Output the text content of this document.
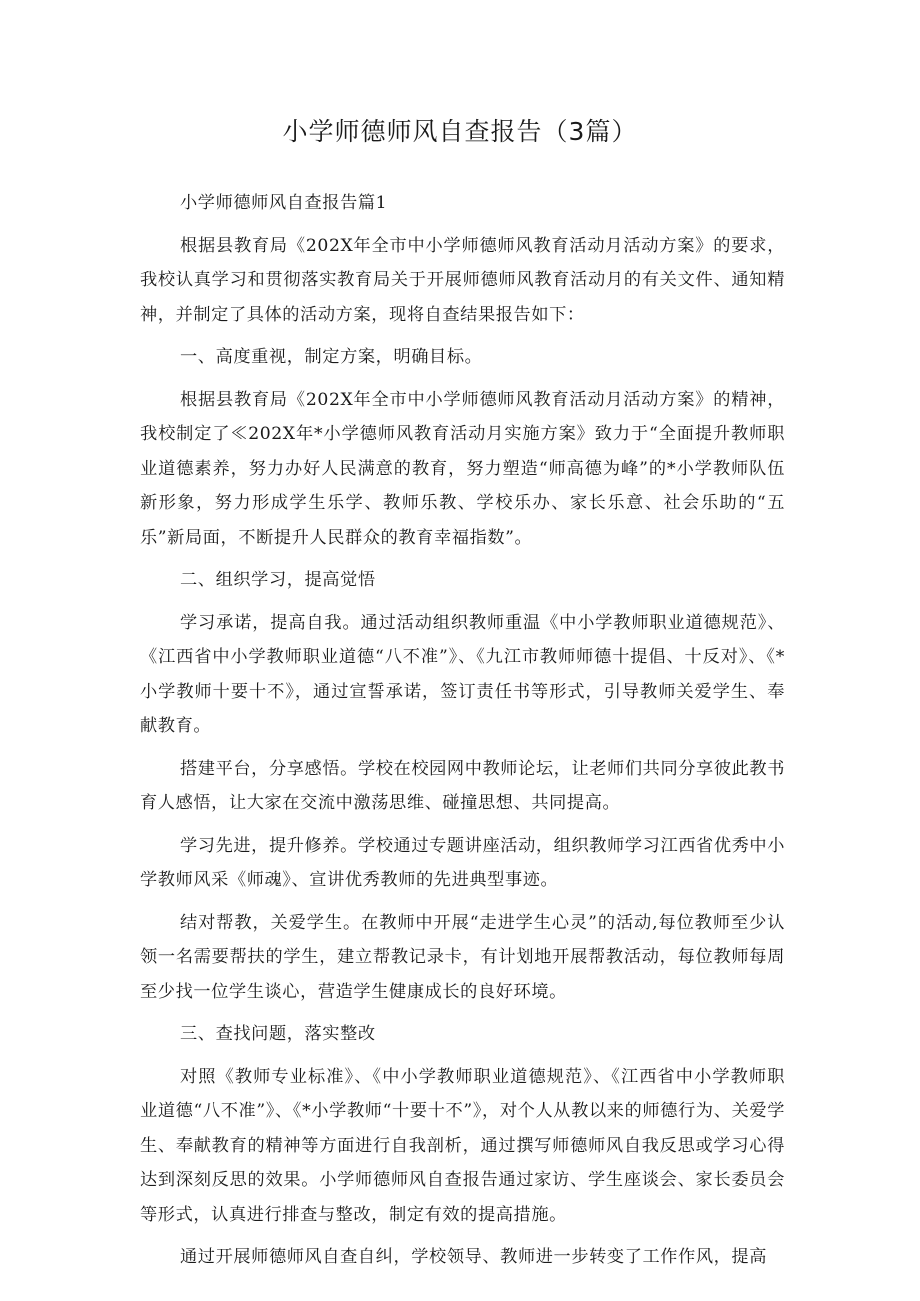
小学师德师风自查报告（3篇）

小学师德师风自查报告篇1

根据县教育局《202X年全市中小学师德师风教育活动月活动方案》的要求，我校认真学习和贯彻落实教育局关于开展师德师风教育活动月的有关文件、通知精神，并制定了具体的活动方案，现将自查结果报告如下：

一、高度重视，制定方案，明确目标。

根据县教育局《202X年全市中小学师德师风教育活动月活动方案》的精神，我校制定了≪202X年*小学德师风教育活动月实施方案》致力于“全面提升教师职业道德素养，努力办好人民满意的教育，努力塑造“师高德为峰”的*小学教师队伍新形象，努力形成学生乐学、教师乐教、学校乐办、家长乐意、社会乐助的“五乐”新局面，不断提升人民群众的教育幸福指数”。

二、组织学习，提高觉悟

学习承诺，提高自我。通过活动组织教师重温《中小学教师职业道德规范》、《江西省中小学教师职业道德“八不准”》、《九江市教师师德十提倡、十反对》、《*小学教师十要十不》，通过宣誓承诺，签订责任书等形式，引导教师关爱学生、奉献教育。

搭建平台，分享感悟。学校在校园网中教师论坛，让老师们共同分享彼此教书育人感悟，让大家在交流中激荡思维、碰撞思想、共同提高。

学习先进，提升修养。学校通过专题讲座活动，组织教师学习江西省优秀中小学教师风采《师魂》、宣讲优秀教师的先进典型事迹。

结对帮教，关爱学生。在教师中开展“走进学生心灵”的活动,每位教师至少认领一名需要帮扶的学生，建立帮教记录卡，有计划地开展帮教活动，每位教师每周至少找一位学生谈心，营造学生健康成长的良好环境。

三、查找问题，落实整改

对照《教师专业标准》、《中小学教师职业道德规范》、《江西省中小学教师职业道德“八不准”》、《*小学教师“十要十不”》，对个人从教以来的师德行为、关爱学生、奉献教育的精神等方面进行自我剖析，通过撰写师德师风自我反思或学习心得达到深刻反思的效果。小学师德师风自查报告通过家访、学生座谈会、家长委员会等形式，认真进行排查与整改，制定有效的提高措施。

通过开展师德师风自查自纠，学校领导、教师进一步转变了工作作风，提高
